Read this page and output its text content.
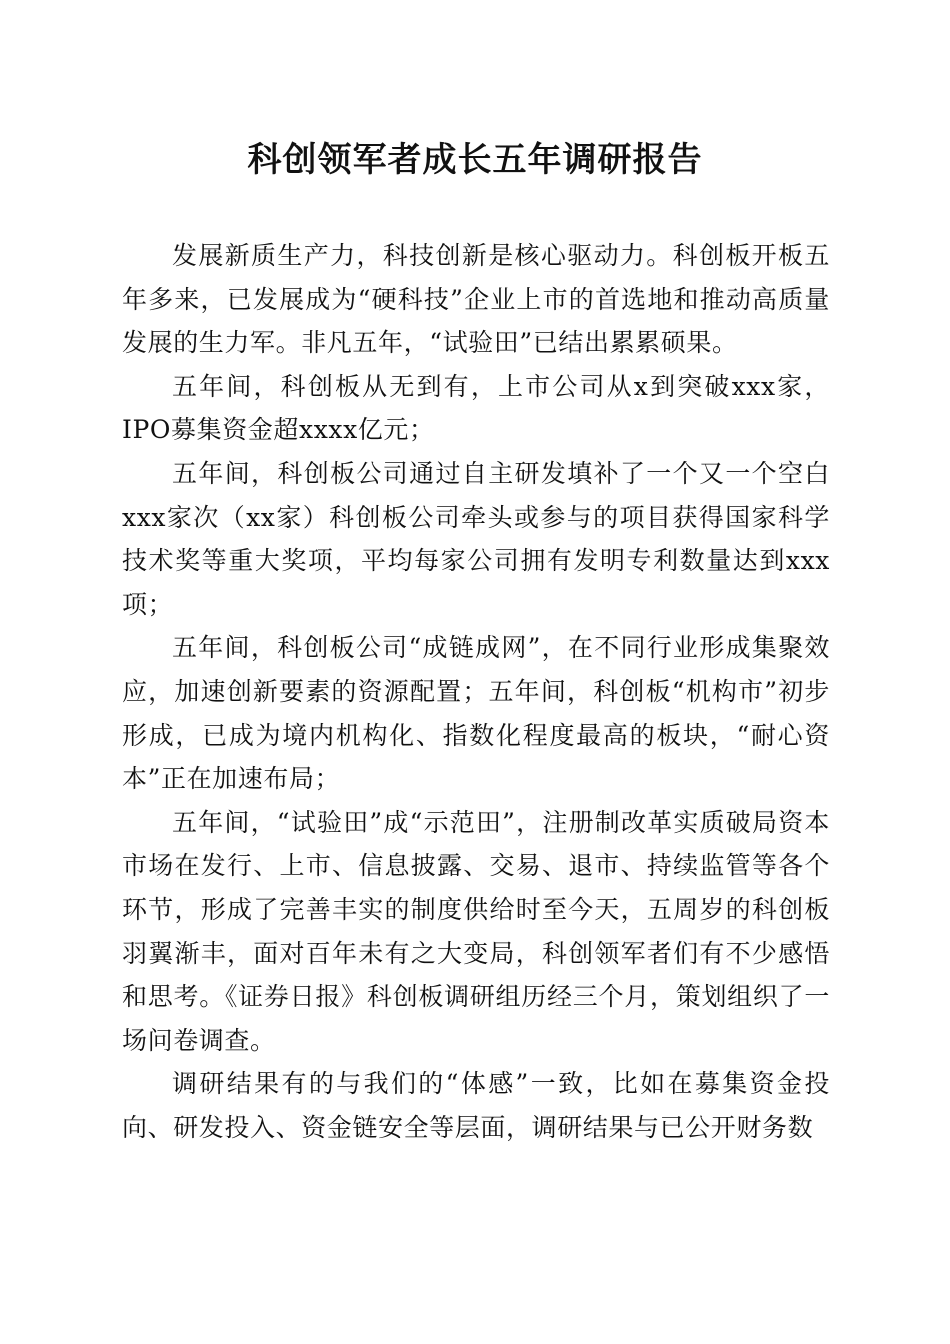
科创领军者成长五年调研报告

发展新质生产力，科技创新是核心驱动力。科创板开板五年多来，已发展成为“硬科技”企业上市的首选地和推动高质量发展的生力军。非凡五年，“试验田”已结出累累硕果。

五年间，科创板从无到有，上市公司从x到突破xxx家，IPO募集资金超xxxx亿元；

五年间，科创板公司通过自主研发填补了一个又一个空白xxx家次（xx家）科创板公司牵头或参与的项目获得国家科学技术奖等重大奖项，平均每家公司拥有发明专利数量达到xxx项；

五年间，科创板公司“成链成网”，在不同行业形成集聚效应，加速创新要素的资源配置；五年间，科创板“机构市”初步形成，已成为境内机构化、指数化程度最高的板块，“耐心资本”正在加速布局；

五年间，“试验田”成“示范田”，注册制改革实质破局资本市场在发行、上市、信息披露、交易、退市、持续监管等各个环节，形成了完善丰实的制度供给时至今天，五周岁的科创板羽翼渐丰，面对百年未有之大变局，科创领军者们有不少感悟和思考。《证券日报》科创板调研组历经三个月，策划组织了一场问卷调查。

调研结果有的与我们的“体感”一致，比如在募集资金投向、研发投入、资金链安全等层面，调研结果与已公开财务数
